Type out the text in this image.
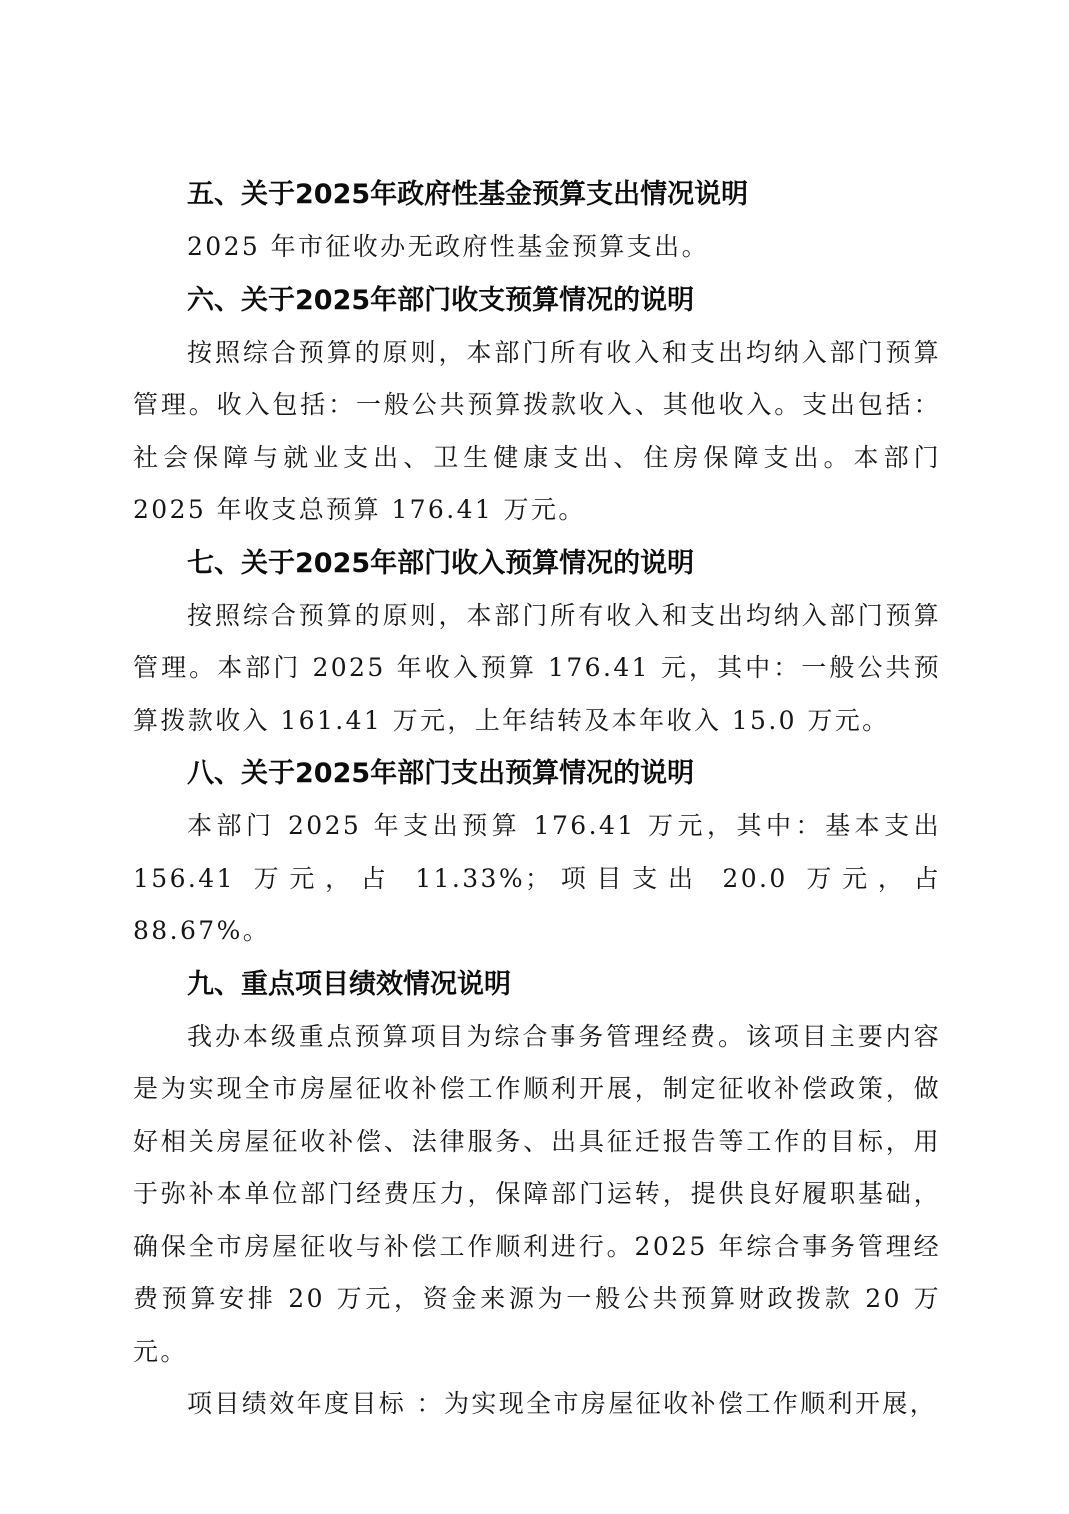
五、关于2025年政府性基金预算支出情况说明

2025 年市征收办无政府性基金预算支出。

六、关于2025年部门收支预算情况的说明

按照综合预算的原则，本部门所有收入和支出均纳入部门预算管理。收入包括：一般公共预算拨款收入、其他收入。支出包括：社会保障与就业支出、卫生健康支出、住房保障支出。本部门 2025 年收支总预算 176.41 万元。

七、关于2025年部门收入预算情况的说明

按照综合预算的原则，本部门所有收入和支出均纳入部门预算管理。本部门 2025 年收入预算 176.41 元，其中：一般公共预算拨款收入 161.41 万元，上年结转及本年收入 15.0 万元。

八、关于2025年部门支出预算情况的说明

本部门 2025 年支出预算 176.41 万元，其中：基本支出 156.41 万元，占 11.33%；项目支出 20.0 万元，占 88.67%。

九、重点项目绩效情况说明

我办本级重点预算项目为综合事务管理经费。该项目主要内容是为实现全市房屋征收补偿工作顺利开展，制定征收补偿政策，做好相关房屋征收补偿、法律服务、出具征迁报告等工作的目标，用于弥补本单位部门经费压力，保障部门运转，提供良好履职基础，确保全市房屋征收与补偿工作顺利进行。2025 年综合事务管理经费预算安排 20 万元，资金来源为一般公共预算财政拨款 20 万元。

项目绩效年度目标 ：为实现全市房屋征收补偿工作顺利开展，
